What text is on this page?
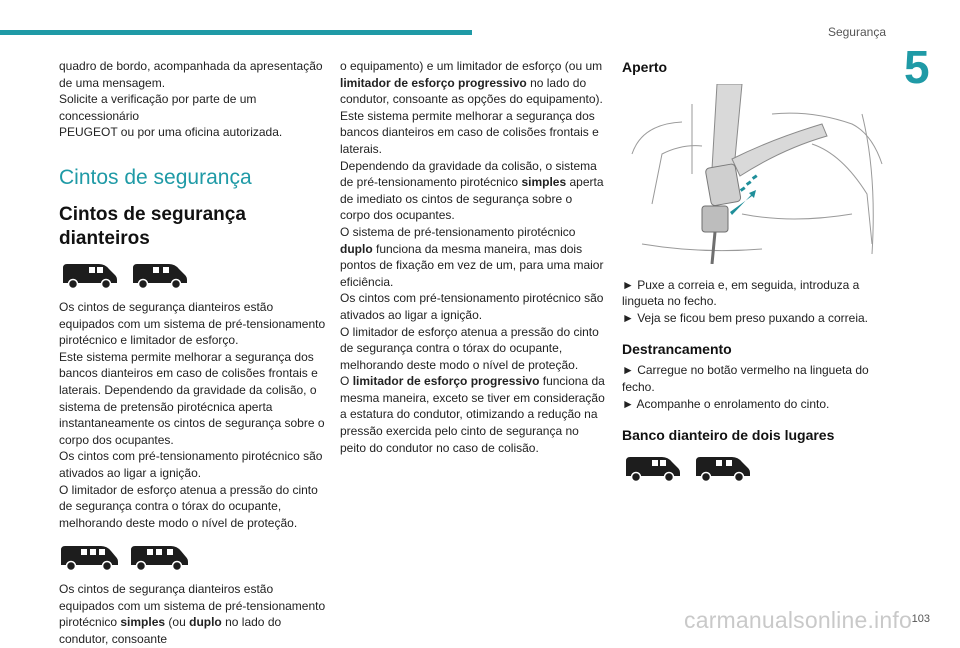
Segurança
5

quadro de bordo, acompanhada da apresentação

de uma mensagem.

Solicite a verificação por parte de um concessionário

PEUGEOT ou por uma oficina autorizada.

Cintos de segurança
Cintos de segurança dianteiros

Os cintos de segurança dianteiros estão equipados com um sistema de pré-tensionamento pirotécnico e limitador de esforço.

Este sistema permite melhorar a segurança dos bancos dianteiros em caso de colisões frontais e laterais. Dependendo da gravidade da colisão, o sistema de pretensão pirotécnica aperta instantaneamente os cintos de segurança sobre o corpo dos ocupantes.

Os cintos com pré-tensionamento pirotécnico são ativados ao ligar a ignição.

O limitador de esforço atenua a pressão do cinto de segurança contra o tórax do ocupante, melhorando deste modo o nível de proteção.

Os cintos de segurança dianteiros estão equipados com um sistema de pré-tensionamento pirotécnico simples (ou duplo no lado do condutor, consoante

o equipamento) e um limitador de esforço (ou um limitador de esforço progressivo no lado do condutor, consoante as opções do equipamento).

Este sistema permite melhorar a segurança dos bancos dianteiros em caso de colisões frontais e laterais.

Dependendo da gravidade da colisão, o sistema de pré-tensionamento pirotécnico simples aperta de imediato os cintos de segurança sobre o corpo dos ocupantes.

O sistema de pré-tensionamento pirotécnico duplo funciona da mesma maneira, mas dois pontos de fixação em vez de um, para uma maior eficiência.

Os cintos com pré-tensionamento pirotécnico são ativados ao ligar a ignição.

O limitador de esforço atenua a pressão do cinto de segurança contra o tórax do ocupante, melhorando deste modo o nível de proteção.

O limitador de esforço progressivo funciona da mesma maneira, exceto se tiver em consideração a estatura do condutor, otimizando a redução na pressão exercida pelo cinto de segurança no peito do condutor no caso de colisão.

Aperto

► Puxe a correia e, em seguida, introduza a lingueta no fecho.

► Veja se ficou bem preso puxando a correia.

Destrancamento

► Carregue no botão vermelho na lingueta do fecho.

► Acompanhe o enrolamento do cinto.

Banco dianteiro de dois lugares
103
carmanualsonline.info
